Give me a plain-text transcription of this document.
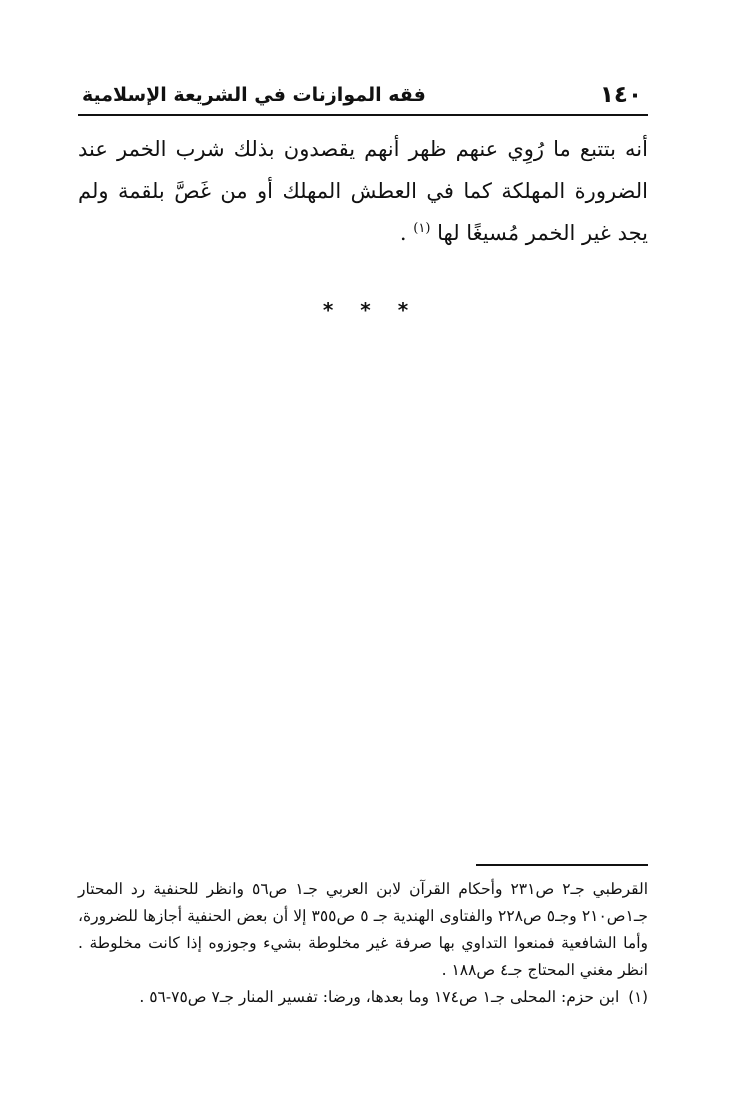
١٤٠
فقه الموازنات في الشريعة الإسلامية

أنه بتتبع ما رُوِي عنهم ظهر أنهم يقصدون بذلك شرب الخمر عند الضرورة المهلكة كما في العطش المهلك أو من غَصَّ بلقمة ولم يجد غير الخمر مُسيغًا لها $^{(١)}$ .

* * *

القرطبي جـ٢ ص٢٣١ وأحكام القرآن لابن العربي جـ١ ص٥٦ وانظر للحنفية رد المحتار جـ١ص٢١٠ وجـ٥ ص٢٢٨ والفتاوى الهندية جـ ٥ ص٣٥٥ إلا أن بعض الحنفية أجازها للضرورة، وأما الشافعية فمنعوا التداوي بها صرفة غير مخلوطة بشيء وجوزوه إذا كانت مخلوطة . انظر مغني المحتاج جـ٤ ص١٨٨ .

(١) ابن حزم: المحلى جـ١ ص١٧٤ وما بعدها، ورضا: تفسير المنار جـ٧ ص٧٥-٥٦ .
